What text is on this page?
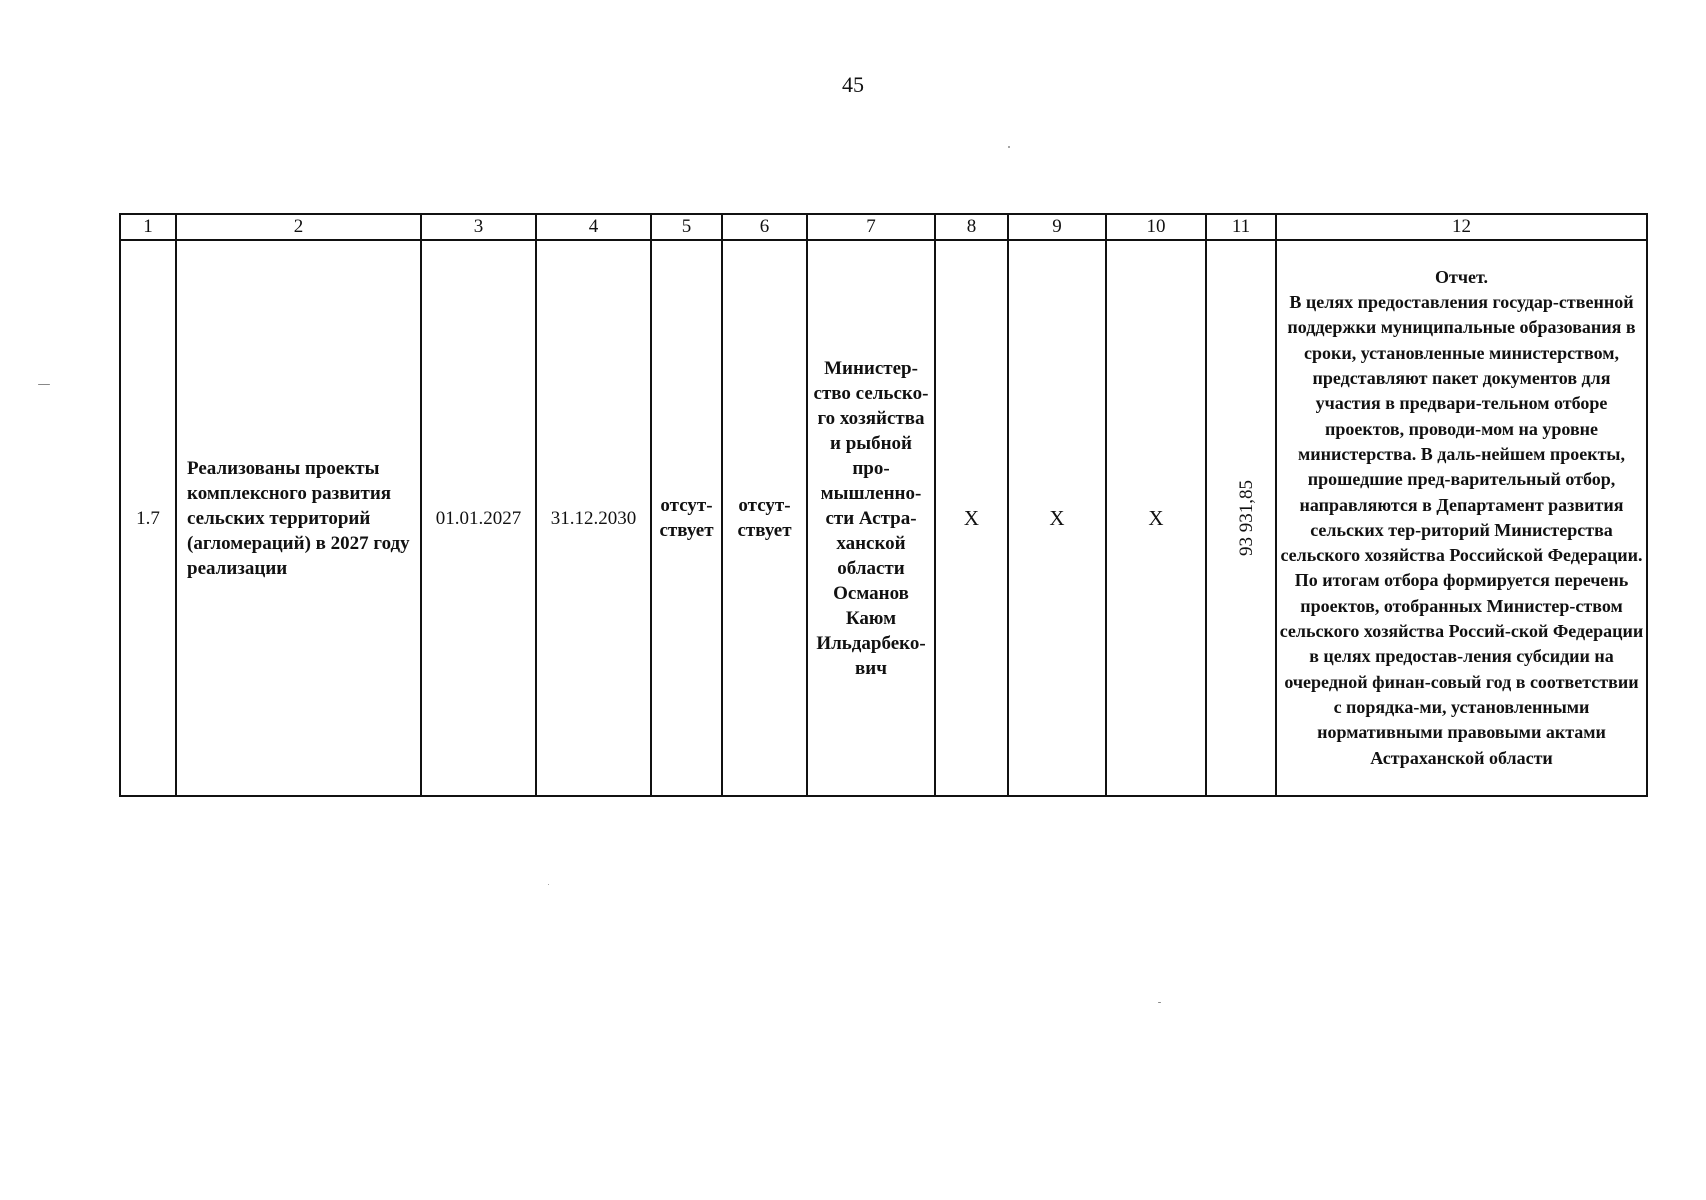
45
1	2	3	4	5	6	7	8	9	10	11	12
1.7	Реализованы проекты комплексного развития сельских территорий (агломераций) в 2027 году реализации	01.01.2027	31.12.2030	отсут-ствует	отсут-ствует	Министер-ство сельско-го хозяйства и рыбной про-мышленно-сти Астра-ханской области Османов Каюм Ильдарбеко-вич	Х	Х	Х	93 931,85	Отчет.
В целях предоставления государ-ственной поддержки муниципальные образования в сроки, установленные министерством, представляют пакет документов для участия в предвари-тельном отборе проектов, проводи-мом на уровне министерства. В даль-нейшем проекты, прошедшие пред-варительный отбор, направляются в Департамент развития сельских тер-риторий Министерства сельского хозяйства Российской Федерации. По итогам отбора формируется перечень проектов, отобранных Министер-ством сельского хозяйства Россий-ской Федерации в целях предостав-ления субсидии на очередной финан-совый год в соответствии с порядка-ми, установленными нормативными правовыми актами Астраханской области
